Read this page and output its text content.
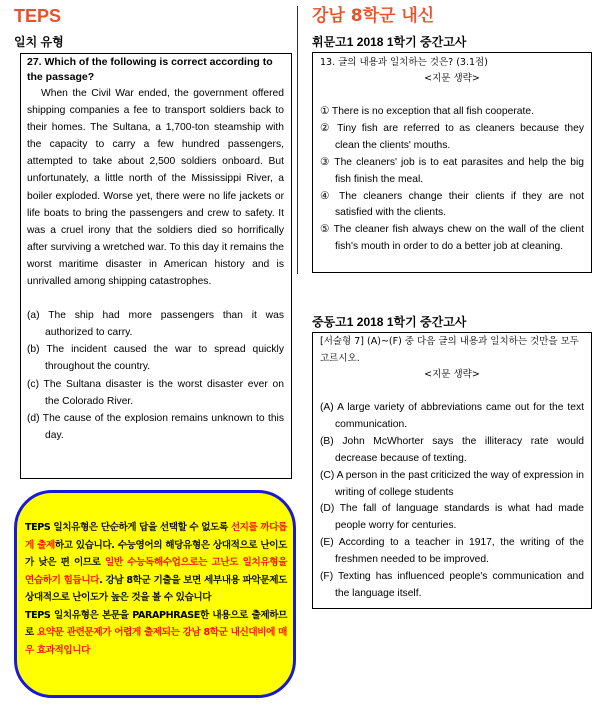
TEPS
일치 유형

27. Which of the following is correct according to the passage?

When the Civil War ended, the government offered shipping companies a fee to transport soldiers back to their homes. The Sultana, a 1,700-ton steamship with the capacity to carry a few hundred passengers, attempted to take about 2,500 soldiers onboard. But unfortunately, a little north of the Mississippi River, a boiler exploded. Worse yet, there were no life jackets or life boats to bring the passengers and crew to safety. It was a cruel irony that the soldiers died so horrifically after surviving a wretched war. To this day it remains the worst maritime disaster in American history and is unrivalled among shipping catastrophes.

(a) The ship had more passengers than it was authorized to carry.

(b) The incident caused the war to spread quickly throughout the country.

(c) The Sultana disaster is the worst disaster ever on the Colorado River.

(d) The cause of the explosion remains unknown to this day.

TEPS 일치유형은 단순하게 답을 선택할 수 없도록 선지를 까다롭게 출제하고 있습니다. 수능영어의 해당유형은 상대적으로 난이도가 낮은 편 이므로 일반 수능독해수업으로는 고난도 일치유형을 연습하기 힘듭니다. 강남 8학군 기출을 보면 세부내용 파악문제도 상대적으로 난이도가 높은 것을 볼 수 있습니다

TEPS 일치유형은 본문을 PARAPHRASE한 내용으로 출제하므로 요약문 관련문제가 어렵게 출제되는 강남 8학군 내신대비에 매우 효과적입니다

강남 8학군 내신
휘문고1 2018 1학기 중간고사

13. 글의 내용과 일치하는 것은? (3.1점)

<지문 생략>

① There is no exception that all fish cooperate.

② Tiny fish are referred to as cleaners because they clean the clients' mouths.

③ The cleaners' job is to eat parasites and help the big fish finish the meal.

④ The cleaners change their clients if they are not satisfied with the clients.

⑤ The cleaner fish always chew on the wall of the client fish's mouth in order to do a better job at cleaning.

중동고1 2018 1학기 중간고사

[서술형 7] (A)~(F) 중 다음 글의 내용과 일치하는 것만을 모두 고르시오.

<지문 생략>

(A) A large variety of abbreviations came out for the text communication.

(B) John McWhorter says the illiteracy rate would decrease because of texting.

(C) A person in the past criticized the way of expression in writing of college students

(D) The fall of language standards is what had made people worry for centuries.

(E) According to a teacher in 1917, the writing of the freshmen needed to be improved.

(F) Texting has influenced people's communication and the language itself.
